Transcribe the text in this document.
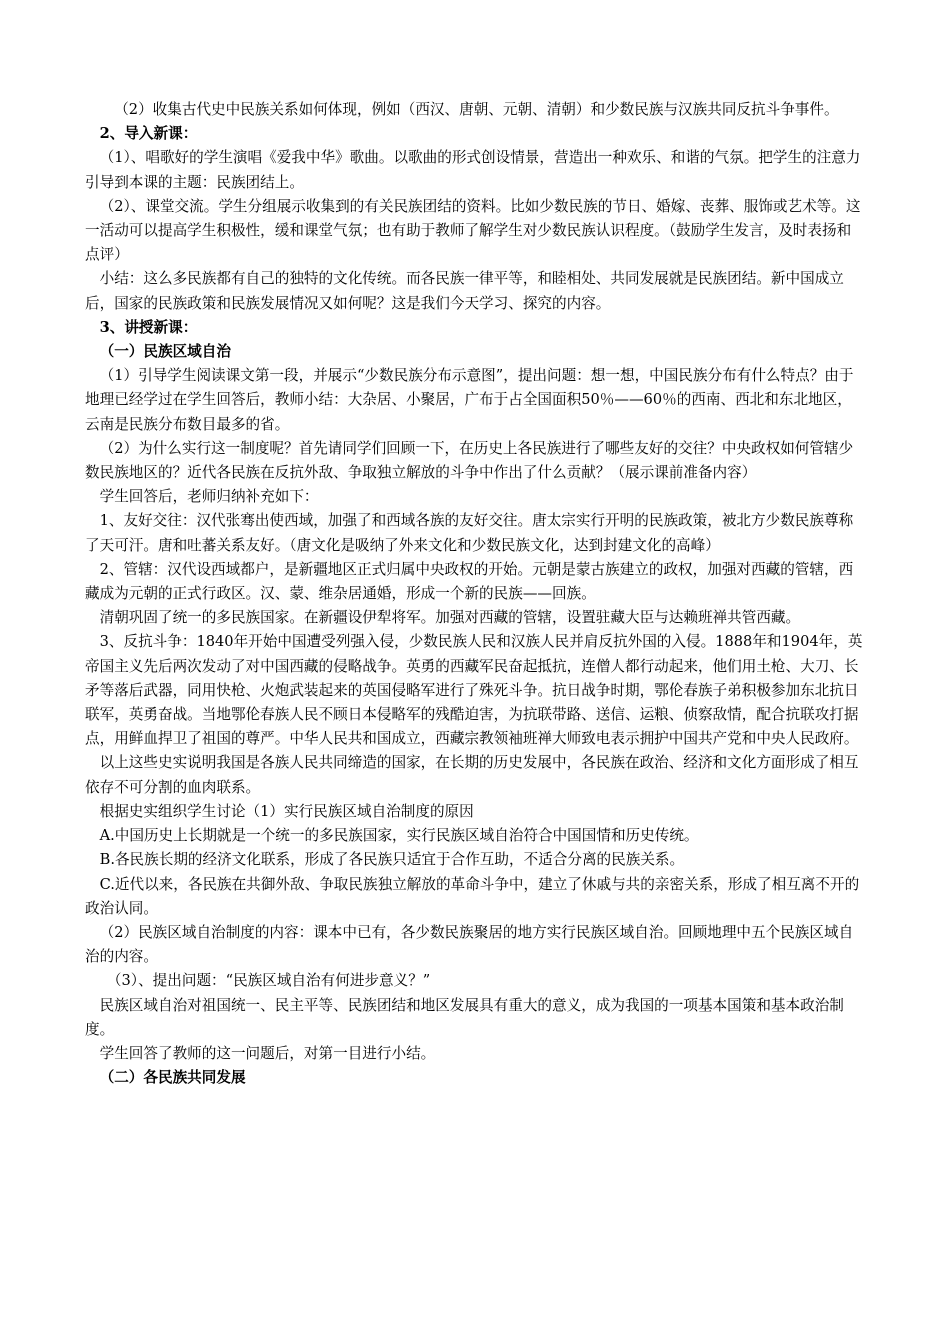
（2）收集古代史中民族关系如何体现，例如（西汉、唐朝、元朝、清朝）和少数民族与汉族共同反抗斗争事件。

2、导入新课：

（1）、唱歌好的学生演唱《爱我中华》歌曲。以歌曲的形式创设情景，营造出一种欢乐、和谐的气氛。把学生的注意力引导到本课的主题：民族团结上。

（2）、课堂交流。学生分组展示收集到的有关民族团结的资料。比如少数民族的节日、婚嫁、丧葬、服饰或艺术等。这一活动可以提高学生积极性，缓和课堂气氛；也有助于教师了解学生对少数民族认识程度。（鼓励学生发言，及时表扬和点评）

小结：这么多民族都有自己的独特的文化传统。而各民族一律平等，和睦相处、共同发展就是民族团结。新中国成立后，国家的民族政策和民族发展情况又如何呢？这是我们今天学习、探究的内容。

3、讲授新课：

（一）民族区域自治

（1）引导学生阅读课文第一段，并展示“少数民族分布示意图”，提出问题：想一想，中国民族分布有什么特点？由于地理已经学过在学生回答后，教师小结：大杂居、小聚居，广布于占全国面积50％——60％的西南、西北和东北地区，云南是民族分布数目最多的省。

（2）为什么实行这一制度呢？首先请同学们回顾一下，在历史上各民族进行了哪些友好的交往？中央政权如何管辖少数民族地区的？近代各民族在反抗外敌、争取独立解放的斗争中作出了什么贡献？（展示课前准备内容）

学生回答后，老师归纳补充如下：

1、友好交往：汉代张骞出使西域，加强了和西域各族的友好交往。唐太宗实行开明的民族政策，被北方少数民族尊称了天可汗。唐和吐蕃关系友好。（唐文化是吸纳了外来文化和少数民族文化，达到封建文化的高峰）

2、管辖：汉代设西域都户，是新疆地区正式归属中央政权的开始。元朝是蒙古族建立的政权，加强对西藏的管辖，西藏成为元朝的正式行政区。汉、蒙、维杂居通婚，形成一个新的民族——回族。

清朝巩固了统一的多民族国家。在新疆设伊犁将军。加强对西藏的管辖，设置驻藏大臣与达赖班禅共管西藏。

3、反抗斗争：1840年开始中国遭受列强入侵，少数民族人民和汉族人民并肩反抗外国的入侵。1888年和1904年，英帝国主义先后两次发动了对中国西藏的侵略战争。英勇的西藏军民奋起抵抗，连僧人都行动起来，他们用土枪、大刀、长矛等落后武器，同用快枪、火炮武装起来的英国侵略军进行了殊死斗争。抗日战争时期，鄂伦春族子弟积极参加东北抗日联军，英勇奋战。当地鄂伦春族人民不顾日本侵略军的残酷迫害，为抗联带路、送信、运粮、侦察敌情，配合抗联攻打据点，用鲜血捍卫了祖国的尊严。中华人民共和国成立，西藏宗教领袖班禅大师致电表示拥护中国共产党和中央人民政府。

以上这些史实说明我国是各族人民共同缔造的国家，在长期的历史发展中，各民族在政治、经济和文化方面形成了相互依存不可分割的血肉联系。

根据史实组织学生讨论（1）实行民族区域自治制度的原因

A.中国历史上长期就是一个统一的多民族国家，实行民族区域自治符合中国国情和历史传统。

B.各民族长期的经济文化联系，形成了各民族只适宜于合作互助，不适合分离的民族关系。

C.近代以来，各民族在共御外敌、争取民族独立解放的革命斗争中，建立了休戚与共的亲密关系，形成了相互离不开的政治认同。

（2）民族区域自治制度的内容：课本中已有，各少数民族聚居的地方实行民族区域自治。回顾地理中五个民族区域自治的内容。

（3）、提出问题：“民族区域自治有何进步意义？”

民族区域自治对祖国统一、民主平等、民族团结和地区发展具有重大的意义，成为我国的一项基本国策和基本政治制度。

学生回答了教师的这一问题后，对第一目进行小结。

（二）各民族共同发展
